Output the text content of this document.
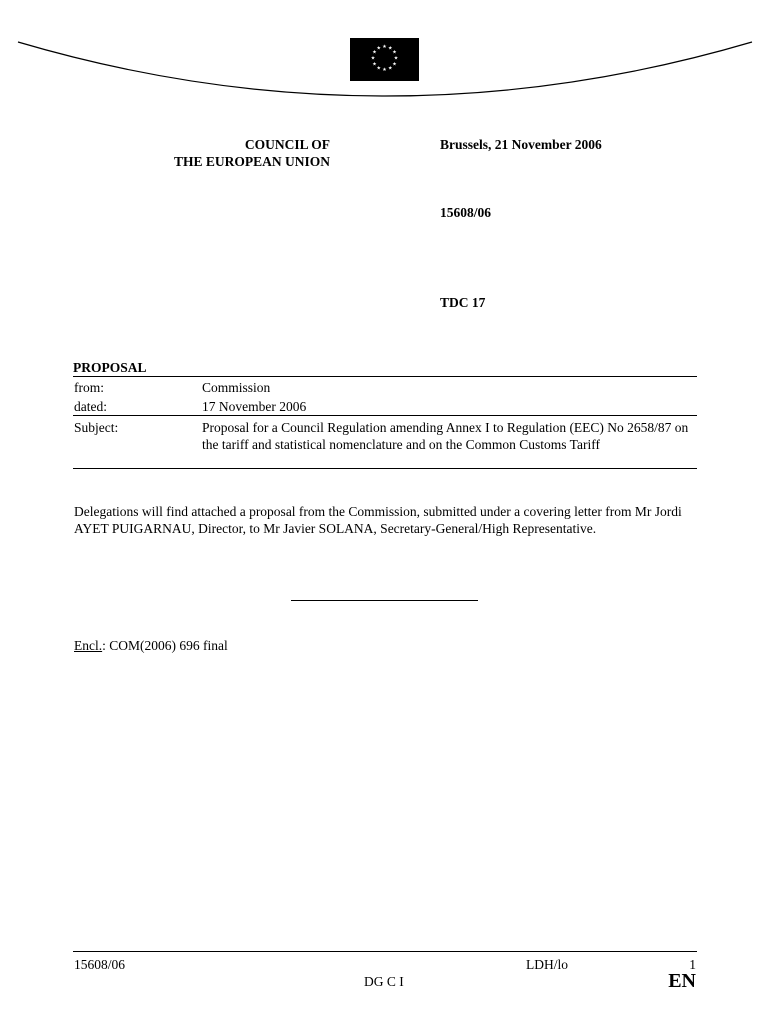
★ ★
★
★
★
★
★
★
★
★
★
★
COUNCIL OF
THE EUROPEAN UNION
Brussels, 21 November 2006
15608/06
TDC 17
PROPOSAL
from:	Commission
dated:	17 November 2006
Subject:	Proposal for a Council Regulation amending Annex I to Regulation (EEC) No 2658/87 on the tariff and statistical nomenclature and on the Common Customs Tariff
Delegations will find attached a proposal from the Commission, submitted under a covering letter from Mr Jordi AYET PUIGARNAU, Director, to Mr Javier SOLANA, Secretary-General/High Representative.
Encl.: COM(2006) 696 final
15608/06	LDH/lo	1
DG C I	EN
